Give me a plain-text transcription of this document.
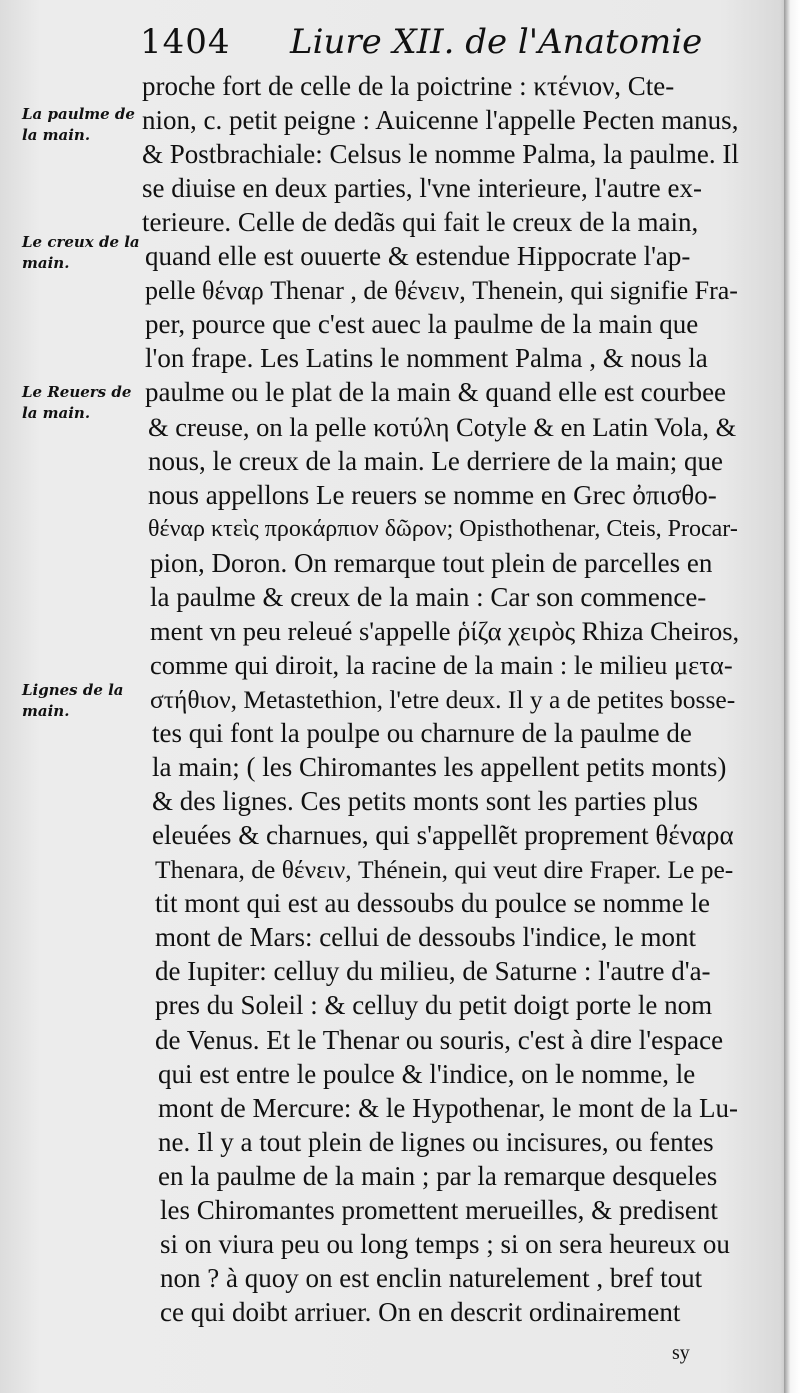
1404 Liure XII. de l'Anatomie
La paulme de la main.
Le creux de la main.
Le Reuers de la main.
Lignes de la main.
proche fort de celle de la poictrine : κτένιον, Cte-
nion, c. petit peigne : Auicenne l'appelle Pecten manus,
& Postbrachiale: Celsus le nomme Palma, la paulme. Il
se diuise en deux parties, l'vne interieure, l'autre ex-
terieure. Celle de dedãs qui fait le creux de la main,
quand elle est ouuerte & estendue Hippocrate l'ap-
pelle θέναρ Thenar , de θένειν, Thenein, qui signifie Fra-
per, pource que c'est auec la paulme de la main que
l'on frape. Les Latins le nomment Palma , & nous la
paulme ou le plat de la main & quand elle est courbee
& creuse, on la pelle κοτύλη Cotyle & en Latin Vola, &
nous, le creux de la main. Le derriere de la main; que
nous appellons Le reuers se nomme en Grec ὀπισθο-
θέναρ κτεὶς προκάρπιον δῶρον; Opisthothenar, Cteis, Procar-
pion, Doron. On remarque tout plein de parcelles en
la paulme & creux de la main : Car son commence-
ment vn peu releué s'appelle ῥίζα χειρὸς Rhiza Cheiros,
comme qui diroit, la racine de la main : le milieu μετα-
στήθιον, Metastethion, l'etre deux. Il y a de petites bosse-
tes qui font la poulpe ou charnure de la paulme de
la main; ( les Chiromantes les appellent petits monts)
& des lignes. Ces petits monts sont les parties plus
eleuées & charnues, qui s'appellẽt proprement θέναρα
Thenara, de θένειν, Thénein, qui veut dire Fraper. Le pe-
tit mont qui est au dessoubs du poulce se nomme le
mont de Mars: cellui de dessoubs l'indice, le mont
de Iupiter: celluy du milieu, de Saturne : l'autre d'a-
pres du Soleil : & celluy du petit doigt porte le nom
de Venus. Et le Thenar ou souris, c'est à dire l'espace
qui est entre le poulce & l'indice, on le nomme, le
mont de Mercure: & le Hypothenar, le mont de la Lu-
ne. Il y a tout plein de lignes ou incisures, ou fentes
en la paulme de la main ; par la remarque desqueles
les Chiromantes promettent merueilles, & predisent
si on viura peu ou long temps ; si on sera heureux ou
non ? à quoy on est enclin naturelement , bref tout
ce qui doibt arriuer. On en descrit ordinairement
sy
